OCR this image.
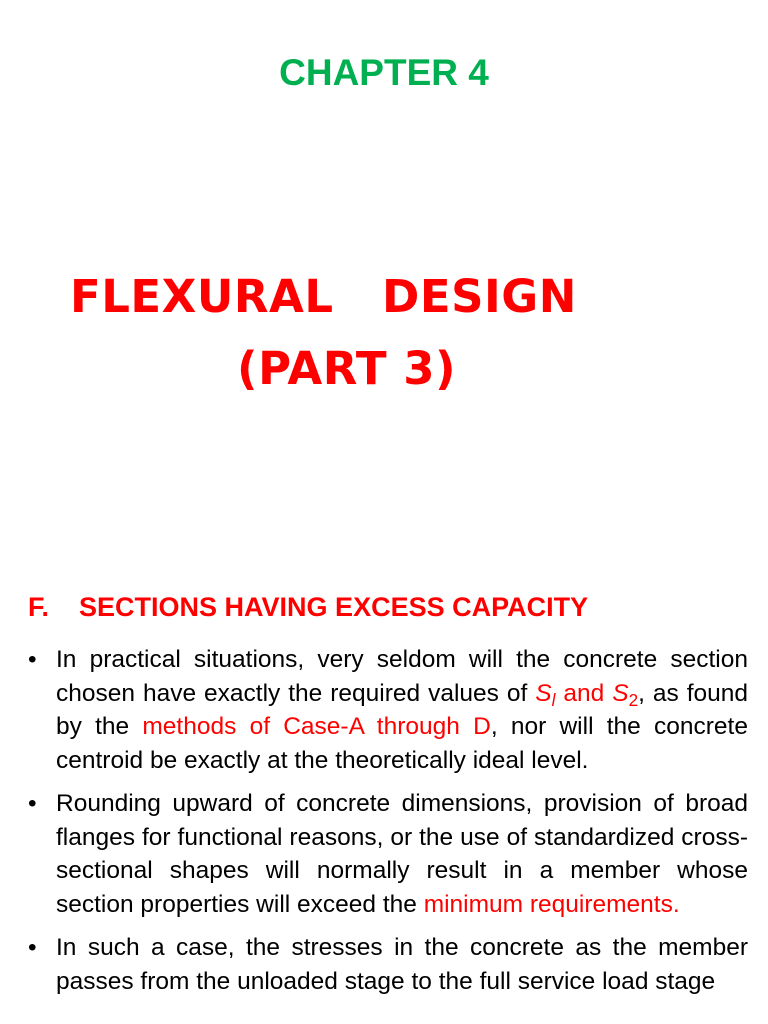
CHAPTER 4
FLEXURAL   DESIGN
(PART 3)
F. SECTIONS HAVING EXCESS CAPACITY
• In practical situations, very seldom will the concrete section chosen have exactly the required values of $S_l$ and $S_2$, as found by the methods of Case-A through D, nor will the concrete centroid be exactly at the theoretically ideal level.
• Rounding upward of concrete dimensions, provision of broad flanges for functional reasons, or the use of standardized cross-sectional shapes will normally result in a member whose section properties will exceed the minimum requirements.
• In such a case, the stresses in the concrete as the member passes from the unloaded stage to the full service load stage
